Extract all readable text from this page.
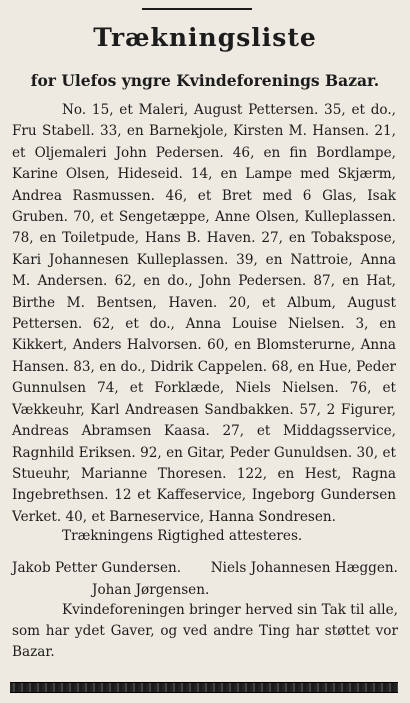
Trækningsliste
for Ulefos yngre Kvindeforenings Bazar.
No. 15, et Maleri, August Pettersen. 35, et do., Fru Stabell. 33, en Barnekjole, Kirsten M. Hansen. 21, et Oljemaleri John Pedersen. 46, en fin Bordlampe, Karine Olsen, Hideseid. 14, en Lampe med Skjærm, Andrea Rasmussen. 46, et Bret med 6 Glas, Isak Gruben. 70, et Sengetæppe, Anne Olsen, Kulleplassen. 78, en Toiletpude, Hans B. Haven. 27, en Tobakspose, Kari Johannesen Kulleplassen. 39, en Nattroie, Anna M. Andersen. 62, en do., John Pedersen. 87, en Hat, Birthe M. Bentsen, Haven. 20, et Album, August Pettersen. 62, et do., Anna Louise Nielsen. 3, en Kikkert, Anders Halvorsen. 60, en Blomsterurne, Anna Hansen. 83, en do., Didrik Cappelen. 68, en Hue, Peder Gunnulsen 74, et Forklæde, Niels Nielsen. 76, et Vækkeuhr, Karl Andreasen Sandbakken. 57, 2 Figurer, Andreas Abramsen Kaasa. 27, et Middagsservice, Ragnhild Eriksen. 92, en Gitar, Peder Gunuldsen. 30, et Stueuhr, Marianne Thoresen. 122, en Hest, Ragna Ingebrethsen. 12 et Kaffeservice, Ingeborg Gundersen Verket. 40, et Barneservice, Hanna Sondresen.
Trækningens Rigtighed attesteres.
Jakob Petter Gundersen. Niels Johannesen Hæggen.
Johan Jørgensen.
Kvindeforeningen bringer herved sin Tak til alle, som har ydet Gaver, og ved andre Ting har støttet vor Bazar.
